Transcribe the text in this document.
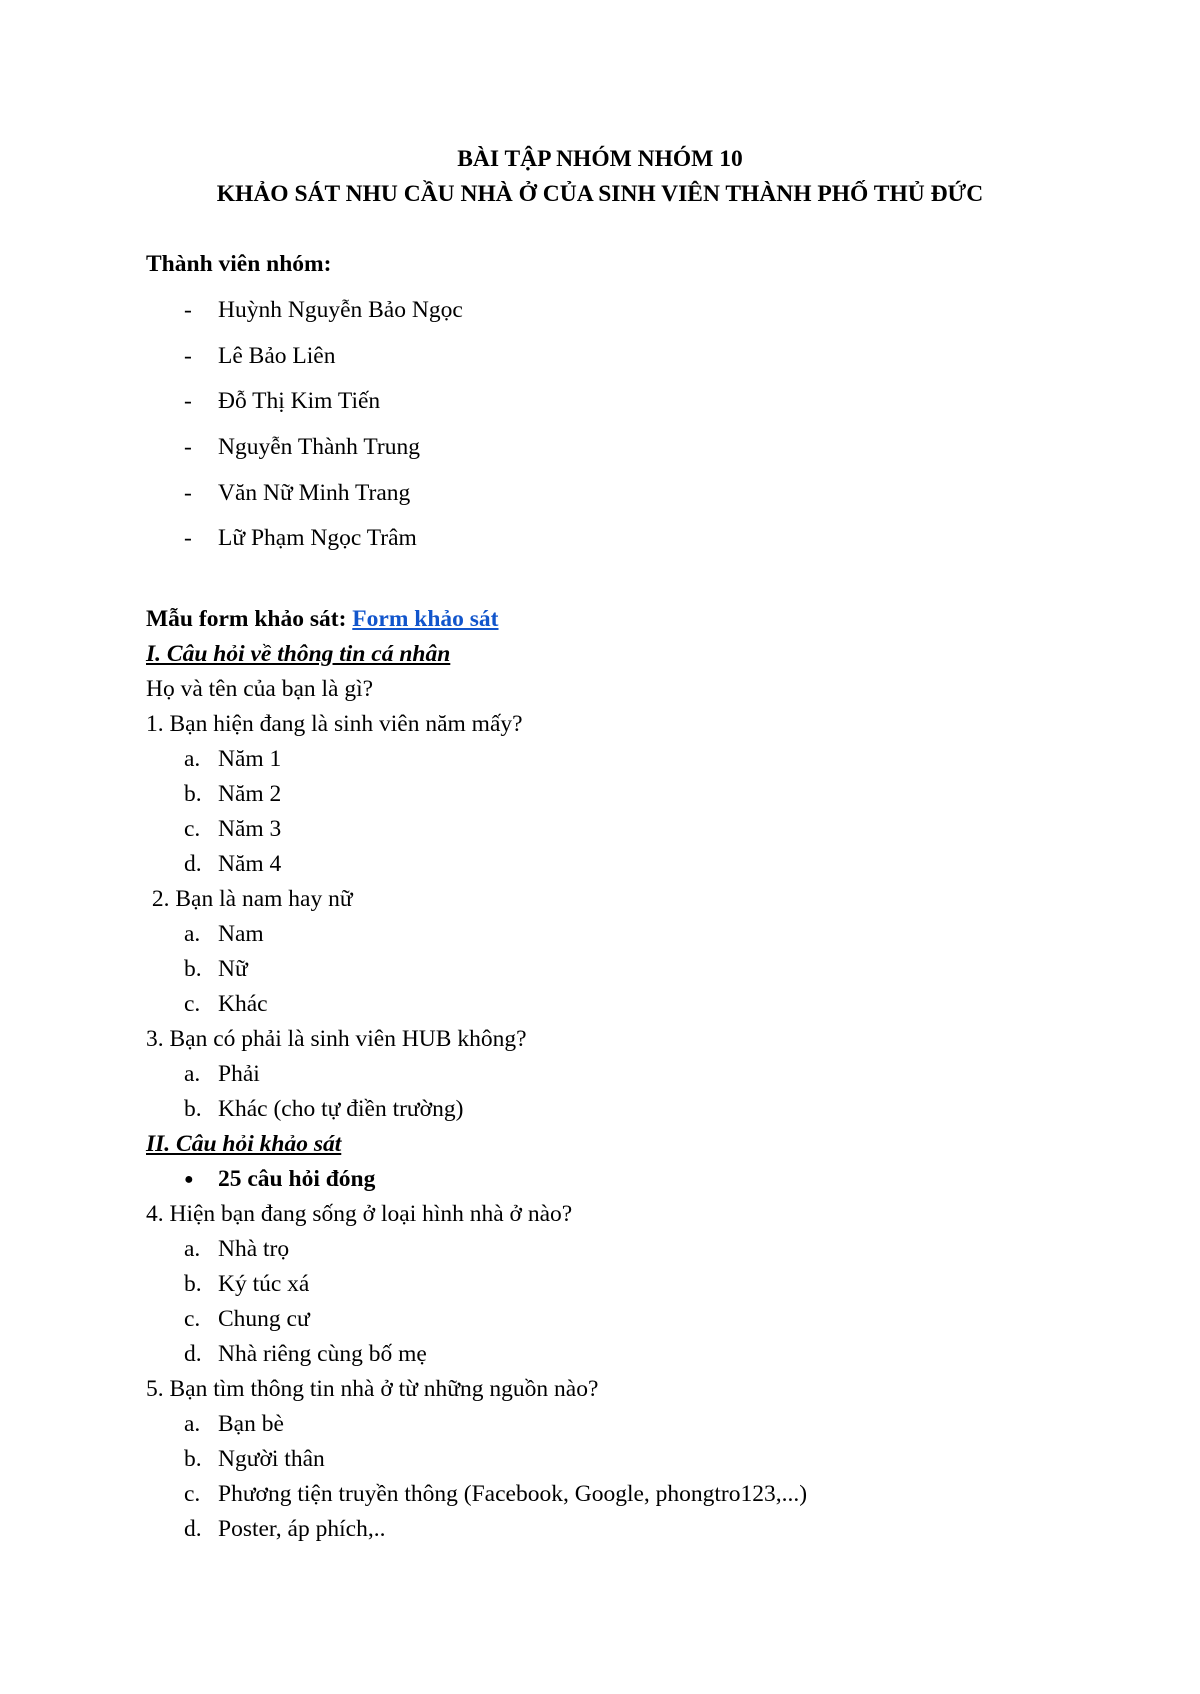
BÀI TẬP NHÓM NHÓM 10
KHẢO SÁT NHU CẦU NHÀ Ở CỦA SINH VIÊN THÀNH PHỐ THỦ ĐỨC
Thành viên nhóm:
- Huỳnh Nguyễn Bảo Ngọc
- Lê Bảo Liên
- Đỗ Thị Kim Tiến
- Nguyễn Thành Trung
- Văn Nữ Minh Trang
- Lữ Phạm Ngọc Trâm
Mẫu form khảo sát: Form khảo sát
I. Câu hỏi về thông tin cá nhân
Họ và tên của bạn là gì?
1. Bạn hiện đang là sinh viên năm mấy?
a. Năm 1
b. Năm 2
c. Năm 3
d. Năm 4
2. Bạn là nam hay nữ
a. Nam
b. Nữ
c. Khác
3. Bạn có phải là sinh viên HUB không?
a. Phải
b. Khác (cho tự điền trường)
II. Câu hỏi khảo sát
● 25 câu hỏi đóng
4. Hiện bạn đang sống ở loại hình nhà ở nào?
a. Nhà trọ
b. Ký túc xá
c. Chung cư
d. Nhà riêng cùng bố mẹ
5. Bạn tìm thông tin nhà ở từ những nguồn nào?
a. Bạn bè
b. Người thân
c. Phương tiện truyền thông (Facebook, Google, phongtro123,...)
d. Poster, áp phích,..
